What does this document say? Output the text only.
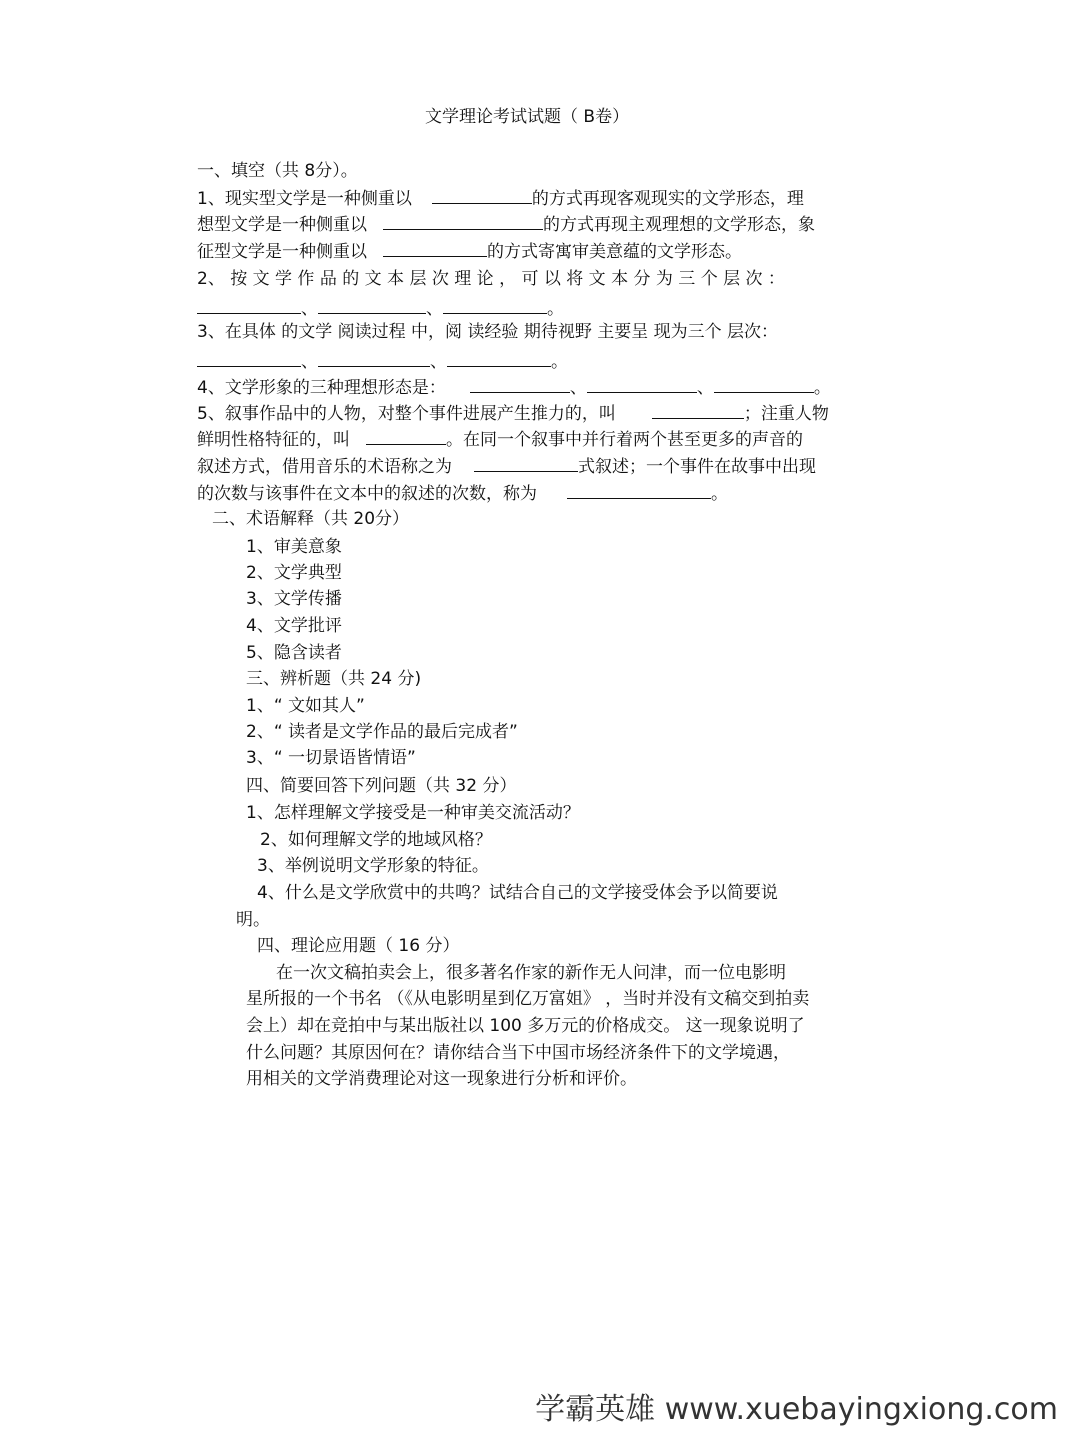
文学理论考试试题（ B卷）
一、填空（共 8分）。
1、现实型文学是一种侧重以	的方式再现客观现实的文学形态，理
想型文学是一种侧重以	的方式再现主观理想的文学形态，象
征型文学是一种侧重以	的方式寄寓审美意蕴的文学形态。
2、 按 文 学 作 品 的 文 本 层 次 理 论 ， 可 以 将 文 本 分 为 三 个 层 次 ：
、	、	。
3、在具体 的文学 阅读过程 中，阅 读经验 期待视野 主要呈 现为三个 层次：
、	、	。
4、文学形象的三种理想形态是：	、	、	。
5、叙事作品中的人物，对整个事件进展产生推力的，叫	；注重人物
鲜明性格特征的，叫	。在同一个叙事中并行着两个甚至更多的声音的
叙述方式，借用音乐的术语称之为	式叙述；一个事件在故事中出现
的次数与该事件在文本中的叙述的次数，称为	。
二、术语解释（共 20分）
1、审美意象
2、文学典型
3、文学传播
4、文学批评
5、隐含读者
三、辨析题（共 24 分)
1、“ 文如其人”
2、“ 读者是文学作品的最后完成者”
3、“ 一切景语皆情语”
四、简要回答下列问题（共 32 分）
1、怎样理解文学接受是一种审美交流活动？
2、如何理解文学的地域风格？
3、举例说明文学形象的特征。
4、什么是文学欣赏中的共鸣？试结合自己的文学接受体会予以简要说
明。
四、理论应用题（ 16 分）
在一次文稿拍卖会上，很多著名作家的新作无人问津，而一位电影明
星所报的一个书名 （《从电影明星到亿万富姐》 ，当时并没有文稿交到拍卖
会上）却在竞拍中与某出版社以 100 多万元的价格成交。 这一现象说明了
什么问题？其原因何在？请你结合当下中国市场经济条件下的文学境遇，
用相关的文学消费理论对这一现象进行分析和评价。
学霸英雄 www.xuebayingxiong.com
